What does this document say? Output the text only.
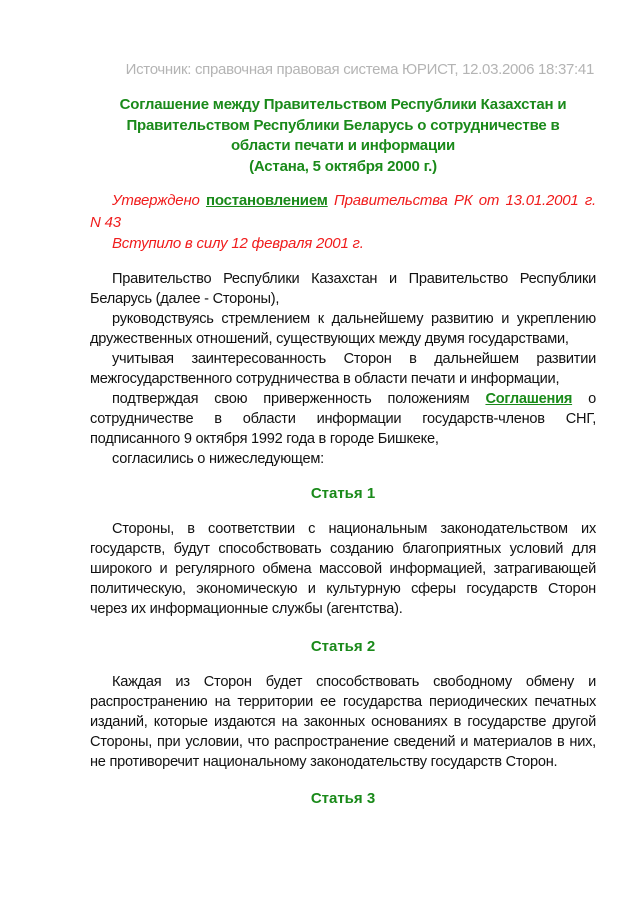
Источник: справочная правовая система ЮРИСТ, 12.03.2006 18:37:41
Соглашение между Правительством Республики Казахстан и
Правительством Республики Беларусь о сотрудничестве в
области печати и информации
(Астана, 5 октября 2000 г.)

Утверждено постановлением Правительства РК от 13.01.2001 г. N 43

Вступило в силу 12 февраля 2001 г.

Правительство Республики Казахстан и Правительство Республики Беларусь (далее - Стороны),

руководствуясь стремлением к дальнейшему развитию и укреплению дружественных отношений, существующих между двумя государствами,

учитывая заинтересованность Сторон в дальнейшем развитии межгосударственного сотрудничества в области печати и информации,

подтверждая свою приверженность положениям Соглашения о сотрудничестве в области информации государств-членов СНГ, подписанного 9 октября 1992 года в городе Бишкеке,

согласились о нижеследующем:

Статья 1

Стороны, в соответствии с национальным законодательством их государств, будут способствовать созданию благоприятных условий для широкого и регулярного обмена массовой информацией, затрагивающей политическую, экономическую и культурную сферы государств Сторон через их информационные службы (агентства).

Статья 2

Каждая из Сторон будет способствовать свободному обмену и распространению на территории ее государства периодических печатных изданий, которые издаются на законных основаниях в государстве другой Стороны, при условии, что распространение сведений и материалов в них, не противоречит национальному законодательству государств Сторон.

Статья 3
